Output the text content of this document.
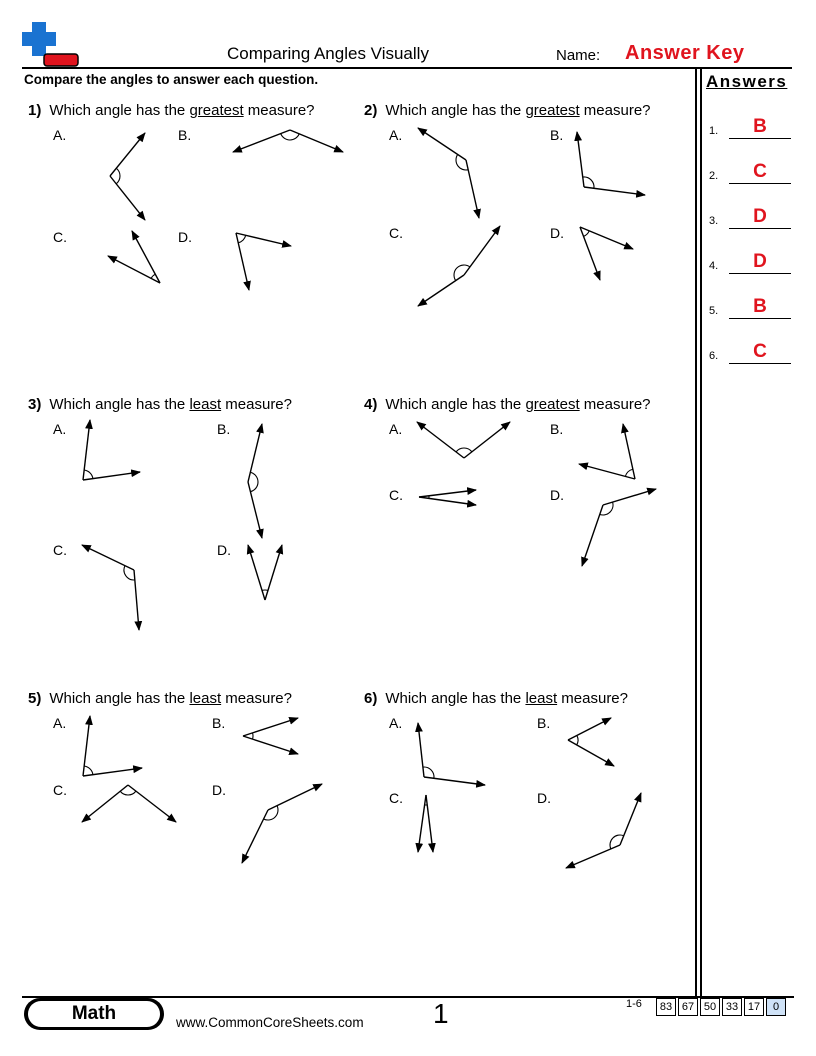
Comparing Angles Visually	Name: Answer Key
Compare the angles to answer each question.	Answers
1.	B
2.	C
3.	D
4.	D
5.	B
6.	C
1) Which angle has the greatest measure?
A.	B.
C.	D.
2) Which angle has the greatest measure?
A.	B.
C.	D.
3) Which angle has the least measure?
A.	B.
C.	D.
4) Which angle has the greatest measure?
A.	B.
C.	D.
5) Which angle has the least measure?
A.	B.
C.	D.
6) Which angle has the least measure?
A.	B.
C.	D.
Math	www.CommonCoreSheets.com 1	1-6	83 67 50 33 17	0
